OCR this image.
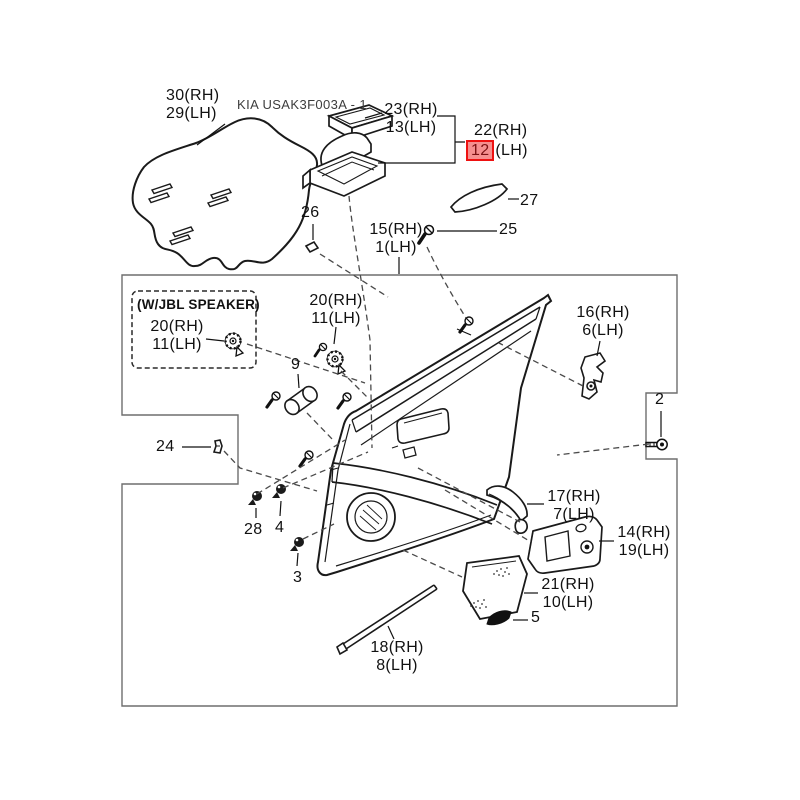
KIA USAK3F003A - 1
30(RH)
29(LH)	23(RH)
13(LH) 22(RH)
12 (LH)
27
25
26
15(RH)
1(LH)
(W/JBL SPEAKER)
20(RH)
11(LH)
20(RH)
11(LH)
9
16(RH)
6(LH)
2
24
28 4
3
17(RH)
7(LH)
14(RH)
19(LH)
21(RH)
10(LH)
5
18(RH)
8(LH)
